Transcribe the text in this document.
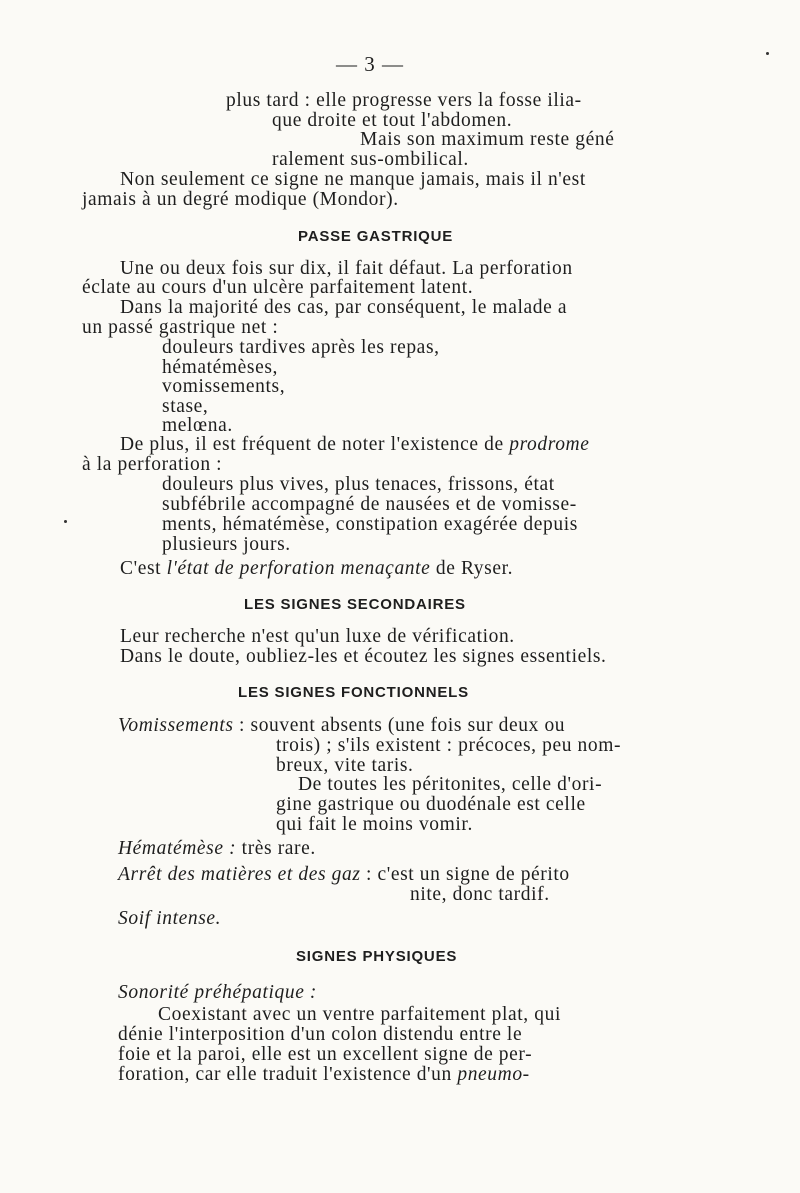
— 3 —
plus tard : elle progresse vers la fosse ilia-
que droite et tout l'abdomen.
Mais son maximum reste géné
ralement sus-ombilical.
Non seulement ce signe ne manque jamais, mais il n'est
jamais à un degré modique (Mondor).
PASSE GASTRIQUE
Une ou deux fois sur dix, il fait défaut. La perforation
éclate au cours d'un ulcère parfaitement latent.
Dans la majorité des cas, par conséquent, le malade a
un passé gastrique net :
douleurs tardives après les repas,
hématémèses,
vomissements,
stase,
melœna.
De plus, il est fréquent de noter l'existence de prodrome
à la perforation :
douleurs plus vives, plus tenaces, frissons, état
subfébrile accompagné de nausées et de vomisse-
ments, hématémèse, constipation exagérée depuis
plusieurs jours.
C'est l'état de perforation menaçante de Ryser.
LES SIGNES SECONDAIRES
Leur recherche n'est qu'un luxe de vérification.
Dans le doute, oubliez-les et écoutez les signes essentiels.
LES SIGNES FONCTIONNELS
Vomissements : souvent absents (une fois sur deux ou
trois) ; s'ils existent : précoces, peu nom-
breux, vite taris.
De toutes les péritonites, celle d'ori-
gine gastrique ou duodénale est celle
qui fait le moins vomir.
Hématémèse : très rare.
Arrêt des matières et des gaz : c'est un signe de périto
nite, donc tardif.
Soif intense.
SIGNES PHYSIQUES
Sonorité préhépatique :
Coexistant avec un ventre parfaitement plat, qui
dénie l'interposition d'un colon distendu entre le
foie et la paroi, elle est un excellent signe de per-
foration, car elle traduit l'existence d'un pneumo-
